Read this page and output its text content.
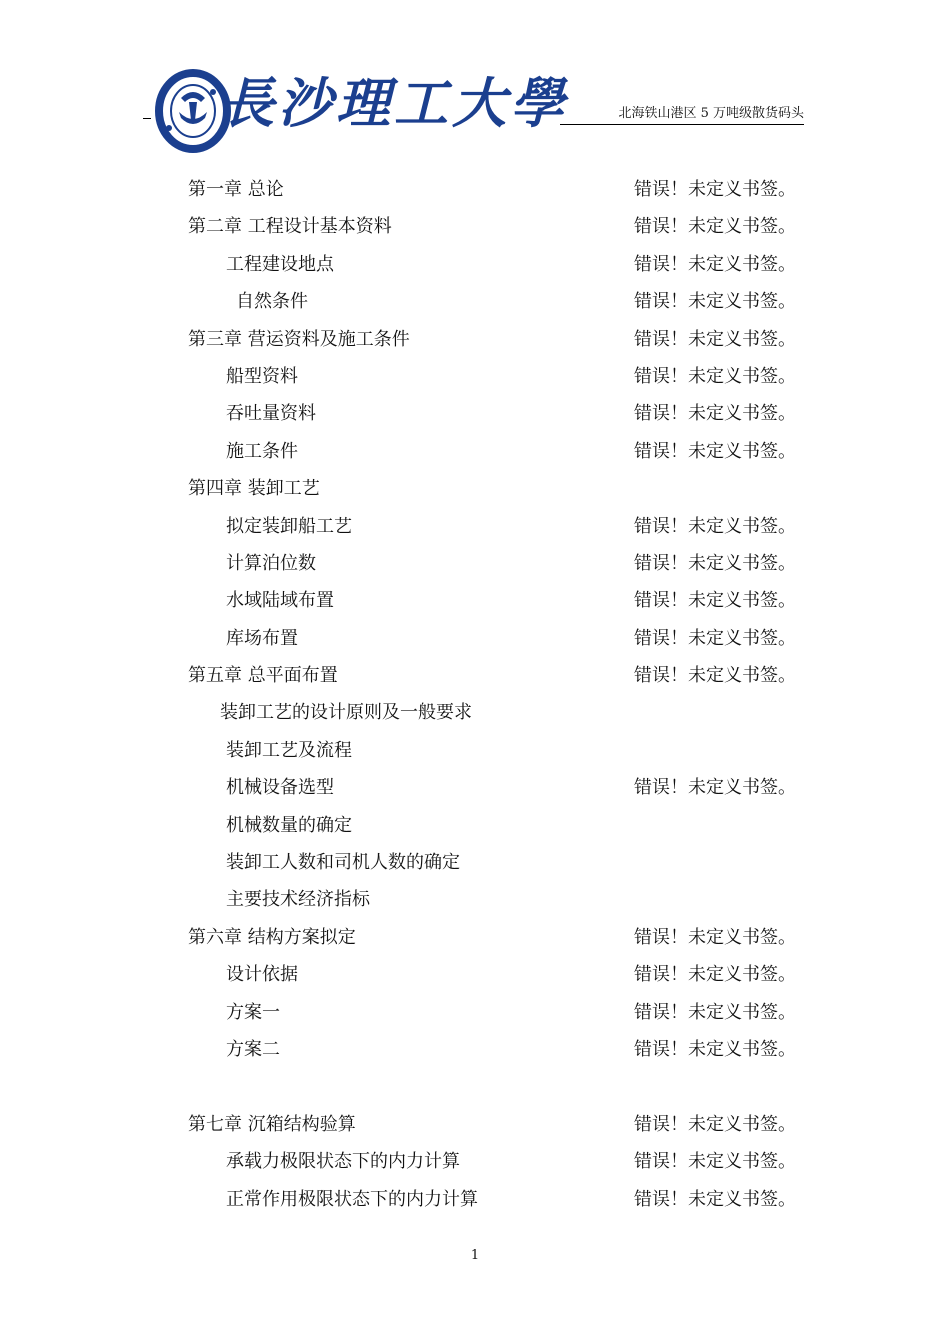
長沙理工大學	北海铁山港区 5 万吨级散货码头
第一章 总论	错误！未定义书签。
第二章 工程设计基本资料	错误！未定义书签。
工程建设地点	错误！未定义书签。
自然条件	错误！未定义书签。
第三章 营运资料及施工条件	错误！未定义书签。
船型资料	错误！未定义书签。
吞吐量资料	错误！未定义书签。
施工条件	错误！未定义书签。
第四章 装卸工艺
拟定装卸船工艺	错误！未定义书签。
计算泊位数	错误！未定义书签。
水域陆域布置	错误！未定义书签。
库场布置	错误！未定义书签。
第五章 总平面布置	错误！未定义书签。
装卸工艺的设计原则及一般要求
装卸工艺及流程
机械设备选型	错误！未定义书签。
机械数量的确定
装卸工人数和司机人数的确定
主要技术经济指标
第六章 结构方案拟定	错误！未定义书签。
设计依据	错误！未定义书签。
方案一	错误！未定义书签。
方案二	错误！未定义书签。
第七章 沉箱结构验算	错误！未定义书签。
承载力极限状态下的内力计算	错误！未定义书签。
正常作用极限状态下的内力计算	错误！未定义书签。
1
